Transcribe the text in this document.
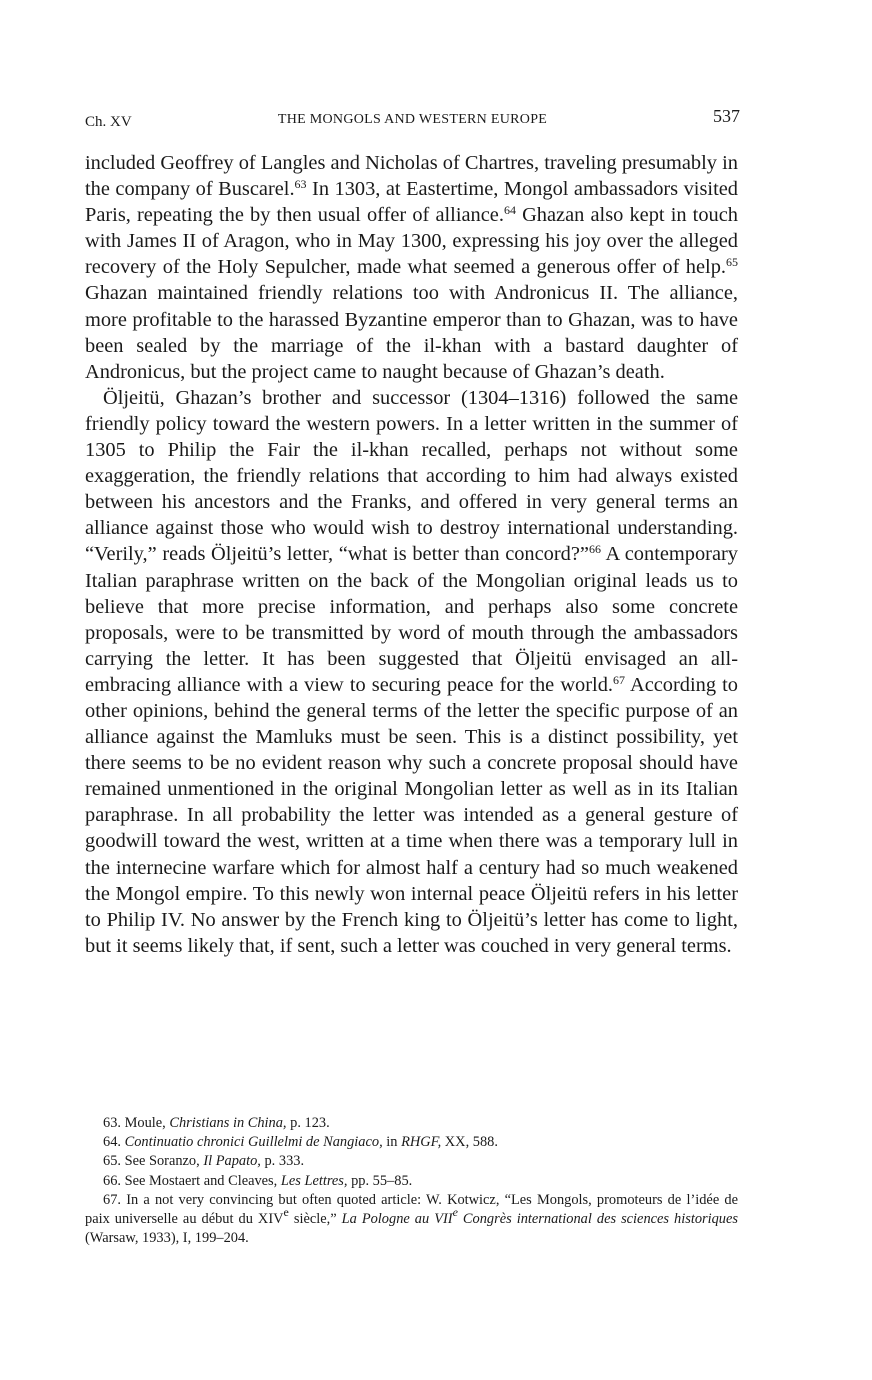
Ch. XV	THE MONGOLS AND WESTERN EUROPE	537

included Geoffrey of Langles and Nicholas of Chartres, traveling presumably in the company of Buscarel.$^{63}$ In 1303, at Eastertime, Mongol ambassadors visited Paris, repeating the by then usual offer of alliance.$^{64}$ Ghazan also kept in touch with James II of Aragon, who in May 1300, expressing his joy over the alleged recovery of the Holy Sepulcher, made what seemed a generous offer of help.$^{65}$ Ghazan maintained friendly relations too with Andronicus II. The alliance, more profitable to the harassed Byzantine emperor than to Ghazan, was to have been sealed by the marriage of the il-khan with a bastard daughter of Andronicus, but the project came to naught because of Ghazan’s death.

Öljeitü, Ghazan’s brother and successor (1304–1316) followed the same friendly policy toward the western powers. In a letter written in the summer of 1305 to Philip the Fair the il-khan recalled, perhaps not without some exaggeration, the friendly relations that according to him had always existed between his ancestors and the Franks, and offered in very general terms an alliance against those who would wish to destroy international understanding. “Verily,” reads Öljeitü’s letter, “what is better than concord?”$^{66}$ A contemporary Italian paraphrase written on the back of the Mongolian original leads us to believe that more precise information, and perhaps also some concrete proposals, were to be transmitted by word of mouth through the ambassadors carrying the letter. It has been suggested that Öljeitü envisaged an all-embracing alliance with a view to securing peace for the world.$^{67}$ According to other opinions, behind the general terms of the letter the specific purpose of an alliance against the Mamluks must be seen. This is a distinct possibility, yet there seems to be no evident reason why such a concrete proposal should have remained unmentioned in the original Mongolian letter as well as in its Italian paraphrase. In all probability the letter was intended as a general gesture of goodwill toward the west, written at a time when there was a temporary lull in the internecine warfare which for almost half a century had so much weakened the Mongol empire. To this newly won internal peace Öljeitü refers in his letter to Philip IV. No answer by the French king to Öljeitü’s letter has come to light, but it seems likely that, if sent, such a letter was couched in very general terms.

63. Moule, Christians in China, p. 123.

64. Continuatio chronici Guillelmi de Nangiaco, in RHGF, XX, 588.

65. See Soranzo, Il Papato, p. 333.

66. See Mostaert and Cleaves, Les Lettres, pp. 55–85.

67. In a not very convincing but often quoted article: W. Kotwicz, “Les Mongols, promoteurs de l’idée de paix universelle au début du XIVe siècle,” La Pologne au VIIe Congrès international des sciences historiques (Warsaw, 1933), I, 199–204.
